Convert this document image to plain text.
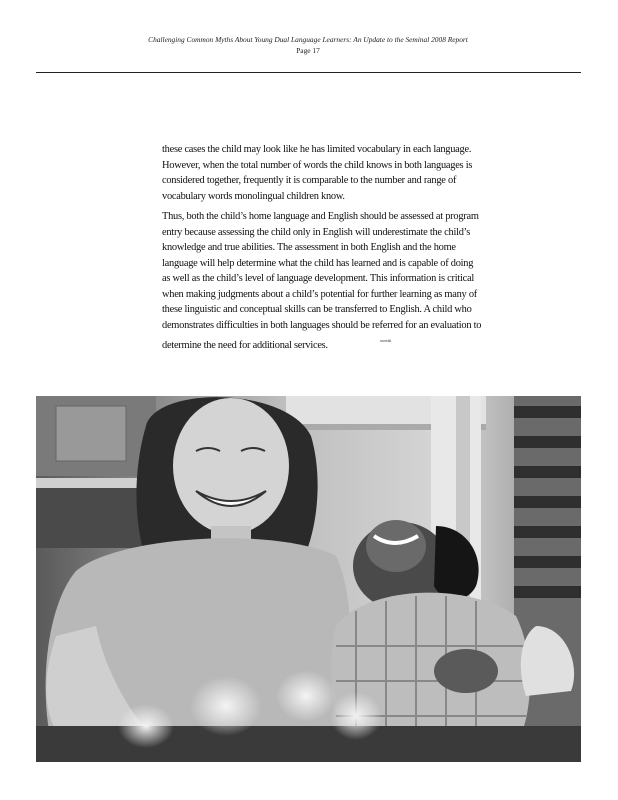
Challenging Common Myths About Young Dual Language Learners: An Update to the Seminal 2008 Report
Page 17

these cases the child may look like he has limited vocabulary in each language. However, when the total number of words the child knows in both languages is considered together, frequently it is comparable to the number and range of vocabulary words monolingual children know.

Thus, both the child’s home language and English should be assessed at program entry because assessing the child only in English will underestimate the child’s knowledge and true abilities. The assessment in both English and the home language will help determine what the child has learned and is capable of doing as well as the child’s level of language development. This information is critical when making judgments about a child’s potential for further learning as many of these linguistic and conceptual skills can be transferred to English. A child who demonstrates difficulties in both languages should be referred for an evaluation to determine the need for additional services.	$^{xxxviii}$
